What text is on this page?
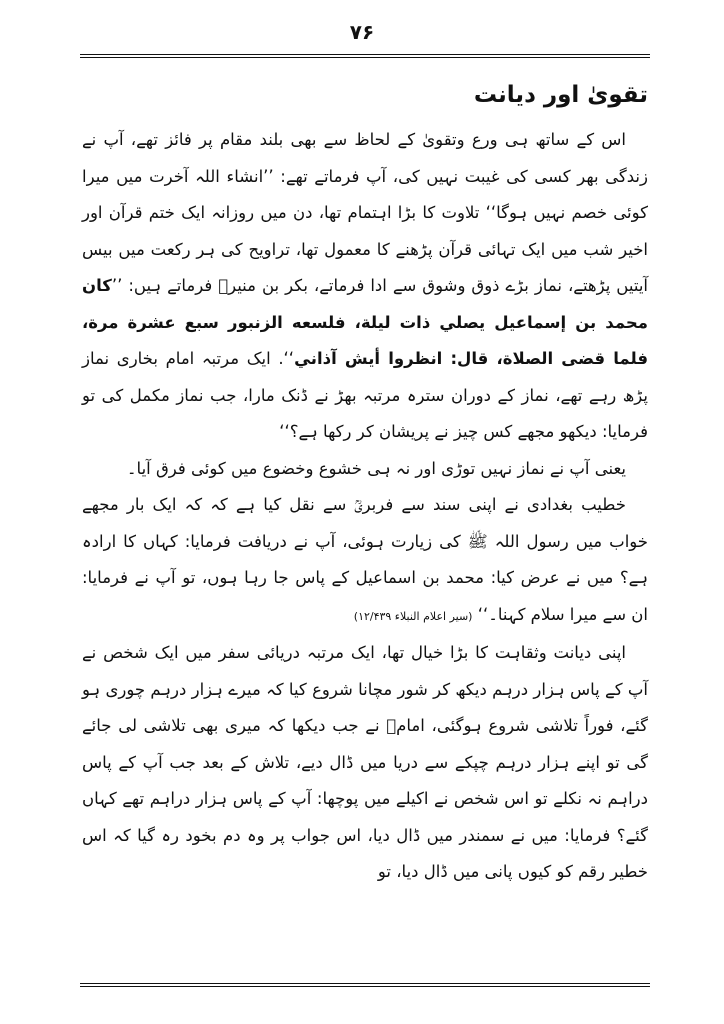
۷۶
تقویٰ اور دیانت

اس کے ساتھ ہی ورع وتقویٰ کے لحاظ سے بھی بلند مقام پر فائز تھے، آپ نے زندگی بھر کسی کی غیبت نہیں کی، آپ فرماتے تھے: ’’انشاء اللہ آخرت میں میرا کوئی خصم نہیں ہوگا‘‘ تلاوت کا بڑا اہتمام تھا، دن میں روزانہ ایک ختم قرآن اور اخیر شب میں ایک تہائی قرآن پڑھنے کا معمول تھا، تراویح کی ہر رکعت میں بیس آیتیں پڑھتے، نماز بڑے ذوق وشوق سے ادا فرماتے، بکر بن منیرؒ فرماتے ہیں: ’’كان محمد بن إسماعيل يصلي ذات ليلة، فلسعه الزنبور سبع عشرة مرة، فلما قضى الصلاة، قال: انظروا أيش آذاني‘‘. ایک مرتبہ امام بخاری نماز پڑھ رہے تھے، نماز کے دوران سترہ مرتبہ بھڑ نے ڈنک مارا، جب نماز مکمل کی تو فرمایا: دیکھو مجھے کس چیز نے پریشان کر رکھا ہے؟‘‘

یعنی آپ نے نماز نہیں توڑی اور نہ ہی خشوع وخضوع میں کوئی فرق آیا۔

خطیب بغدادی نے اپنی سند سے فربریؒ سے نقل کیا ہے کہ کہ ایک بار مجھے خواب میں رسول اللہ ﷺ کی زیارت ہوئی، آپ نے دریافت فرمایا: کہاں کا ارادہ ہے؟ میں نے عرض کیا: محمد بن اسماعیل کے پاس جا رہا ہوں، تو آپ نے فرمایا: ان سے میرا سلام کہنا۔‘‘ (سیر اعلام النبلاء ۱۲/۴۳۹)

اپنی دیانت وثقاہت کا بڑا خیال تھا، ایک مرتبہ دریائی سفر میں ایک شخص نے آپ کے پاس ہزار درہم دیکھ کر شور مچانا شروع کیا کہ میرے ہزار درہم چوری ہو گئے، فوراً تلاشی شروع ہوگئی، امامؒ نے جب دیکھا کہ میری بھی تلاشی لی جائے گی تو اپنے ہزار درہم چپکے سے دریا میں ڈال دیے، تلاش کے بعد جب آپ کے پاس دراہم نہ نکلے تو اس شخص نے اکیلے میں پوچھا: آپ کے پاس ہزار دراہم تھے کہاں گئے؟ فرمایا: میں نے سمندر میں ڈال دیا، اس جواب پر وہ دم بخود رہ گیا کہ اس خطیر رقم کو کیوں پانی میں ڈال دیا، تو
